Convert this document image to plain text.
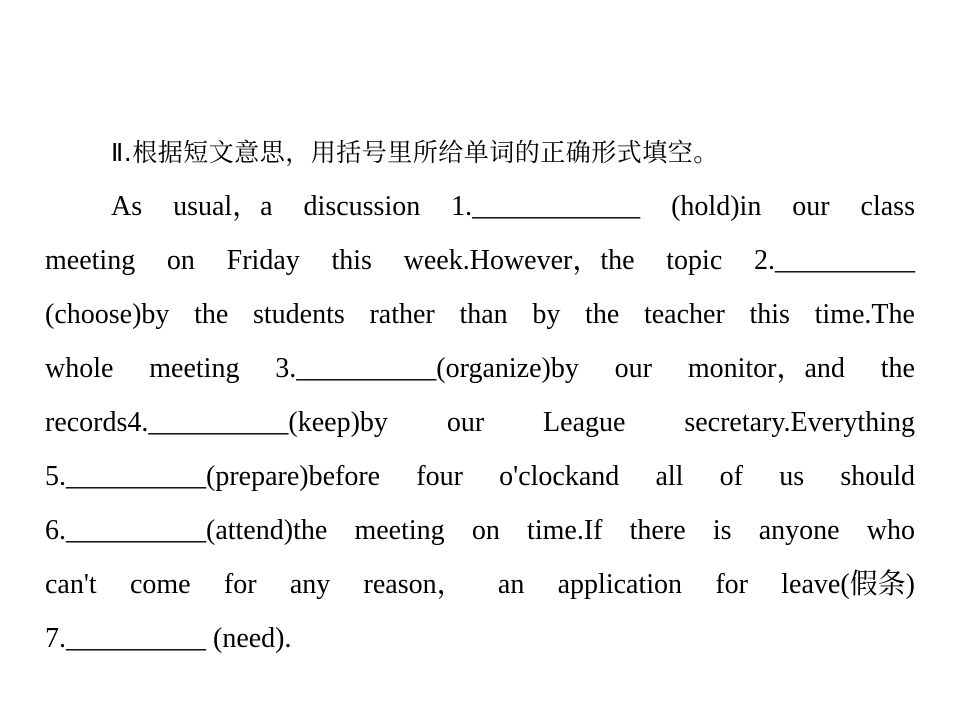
Ⅱ.根据短文意思，用括号里所给单词的正确形式填空。
As usual，a discussion 1.____________ (hold)in our class
meeting on Friday this week.However，the topic 2.__________
(choose)by the students rather than by the teacher this time.The
whole meeting 3.__________(organize)by our monitor，and the
records4.__________(keep)by our League secretary.Everything
5.__________(prepare)before four o'clockand all of us should
6.__________(attend)the meeting on time.If there is anyone who
can't come for any reason， an application for leave(假条)
7.__________ (need).
